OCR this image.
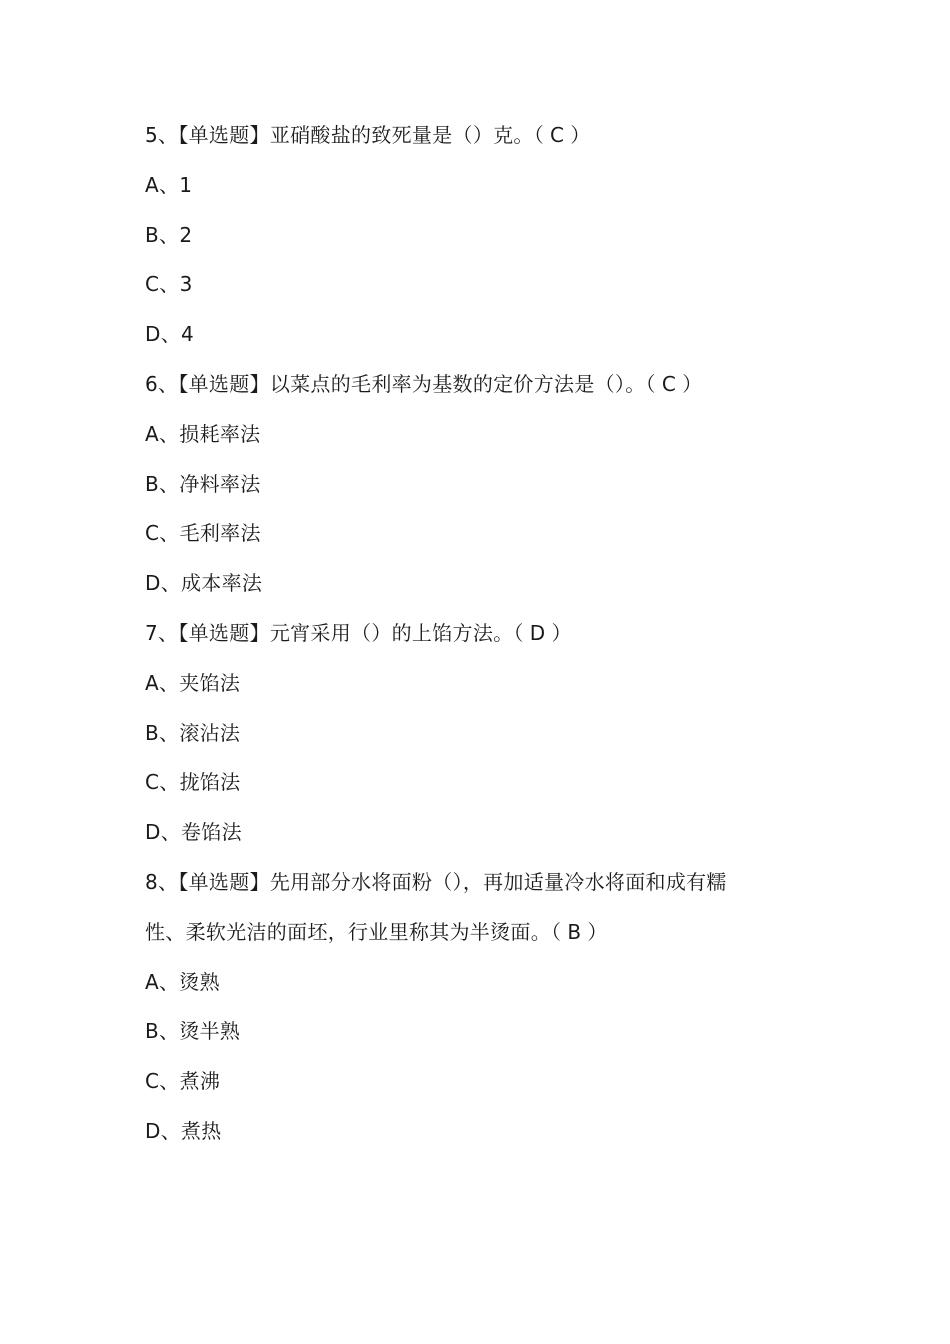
5、【单选题】亚硝酸盐的致死量是（）克。（ C ）
A、1
B、2
C、3
D、4
6、【单选题】以菜点的毛利率为基数的定价方法是（）。（ C ）
A、损耗率法
B、净料率法
C、毛利率法
D、成本率法
7、【单选题】元宵采用（）的上馅方法。（ D ）
A、夹馅法
B、滚沾法
C、拢馅法
D、卷馅法
8、【单选题】先用部分水将面粉（），再加适量冷水将面和成有糯
性、柔软光洁的面坯，行业里称其为半烫面。（ B ）
A、烫熟
B、烫半熟
C、煮沸
D、煮热
